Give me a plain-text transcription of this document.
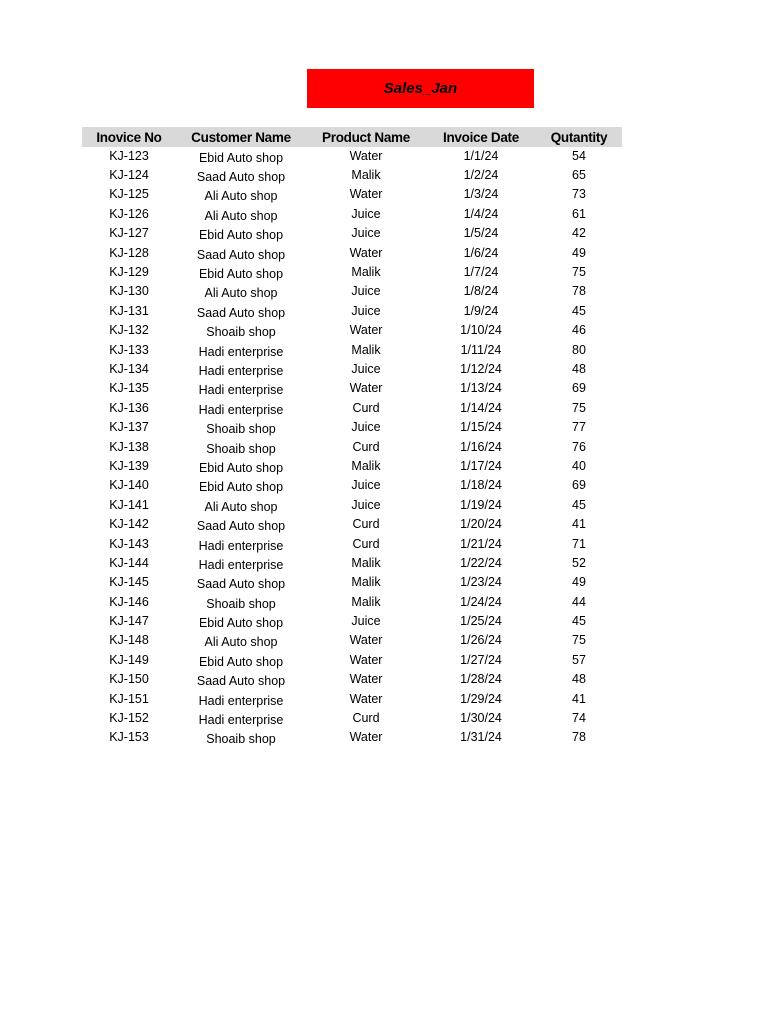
Sales_Jan
Inovice No	Customer Name	Product Name	Invoice Date	Qutantity
KJ-123	Ebid Auto shop	Water	1/1/24	54
KJ-124	Saad Auto shop	Malik	1/2/24	65
KJ-125	Ali Auto shop	Water	1/3/24	73
KJ-126	Ali Auto shop	Juice	1/4/24	61
KJ-127	Ebid Auto shop	Juice	1/5/24	42
KJ-128	Saad Auto shop	Water	1/6/24	49
KJ-129	Ebid Auto shop	Malik	1/7/24	75
KJ-130	Ali Auto shop	Juice	1/8/24	78
KJ-131	Saad Auto shop	Juice	1/9/24	45
KJ-132	Shoaib shop	Water	1/10/24	46
KJ-133	Hadi enterprise	Malik	1/11/24	80
KJ-134	Hadi enterprise	Juice	1/12/24	48
KJ-135	Hadi enterprise	Water	1/13/24	69
KJ-136	Hadi enterprise	Curd	1/14/24	75
KJ-137	Shoaib shop	Juice	1/15/24	77
KJ-138	Shoaib shop	Curd	1/16/24	76
KJ-139	Ebid Auto shop	Malik	1/17/24	40
KJ-140	Ebid Auto shop	Juice	1/18/24	69
KJ-141	Ali Auto shop	Juice	1/19/24	45
KJ-142	Saad Auto shop	Curd	1/20/24	41
KJ-143	Hadi enterprise	Curd	1/21/24	71
KJ-144	Hadi enterprise	Malik	1/22/24	52
KJ-145	Saad Auto shop	Malik	1/23/24	49
KJ-146	Shoaib shop	Malik	1/24/24	44
KJ-147	Ebid Auto shop	Juice	1/25/24	45
KJ-148	Ali Auto shop	Water	1/26/24	75
KJ-149	Ebid Auto shop	Water	1/27/24	57
KJ-150	Saad Auto shop	Water	1/28/24	48
KJ-151	Hadi enterprise	Water	1/29/24	41
KJ-152	Hadi enterprise	Curd	1/30/24	74
KJ-153	Shoaib shop	Water	1/31/24	78
